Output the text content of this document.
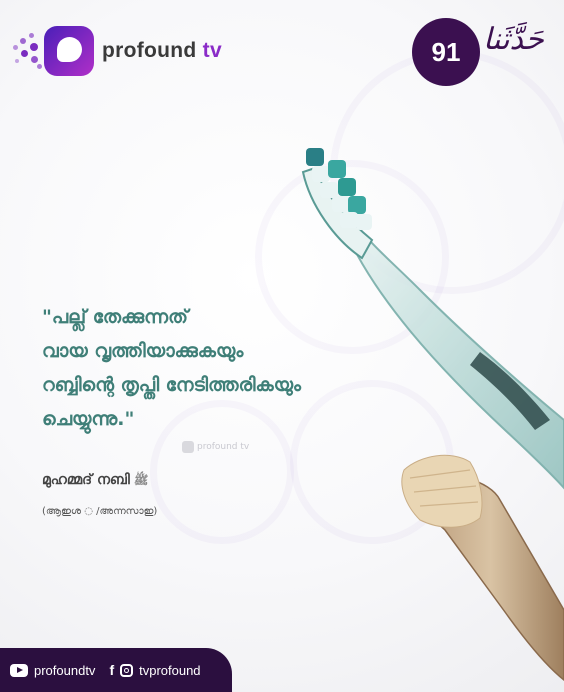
profound tv	91 حَدَّثَنا
"പല്ല് തേക്കുന്നത്
വായ വൃത്തിയാക്കുകയും
റബ്ബിന്റെ തൃപ്തി നേടിത്തരികയും
ചെയ്യുന്നു."
profound tv
മുഹമ്മദ് നബി ﷺ
(ആഇശ ◌ /അന്നസാഇ)
profoundtv f tvprofound
